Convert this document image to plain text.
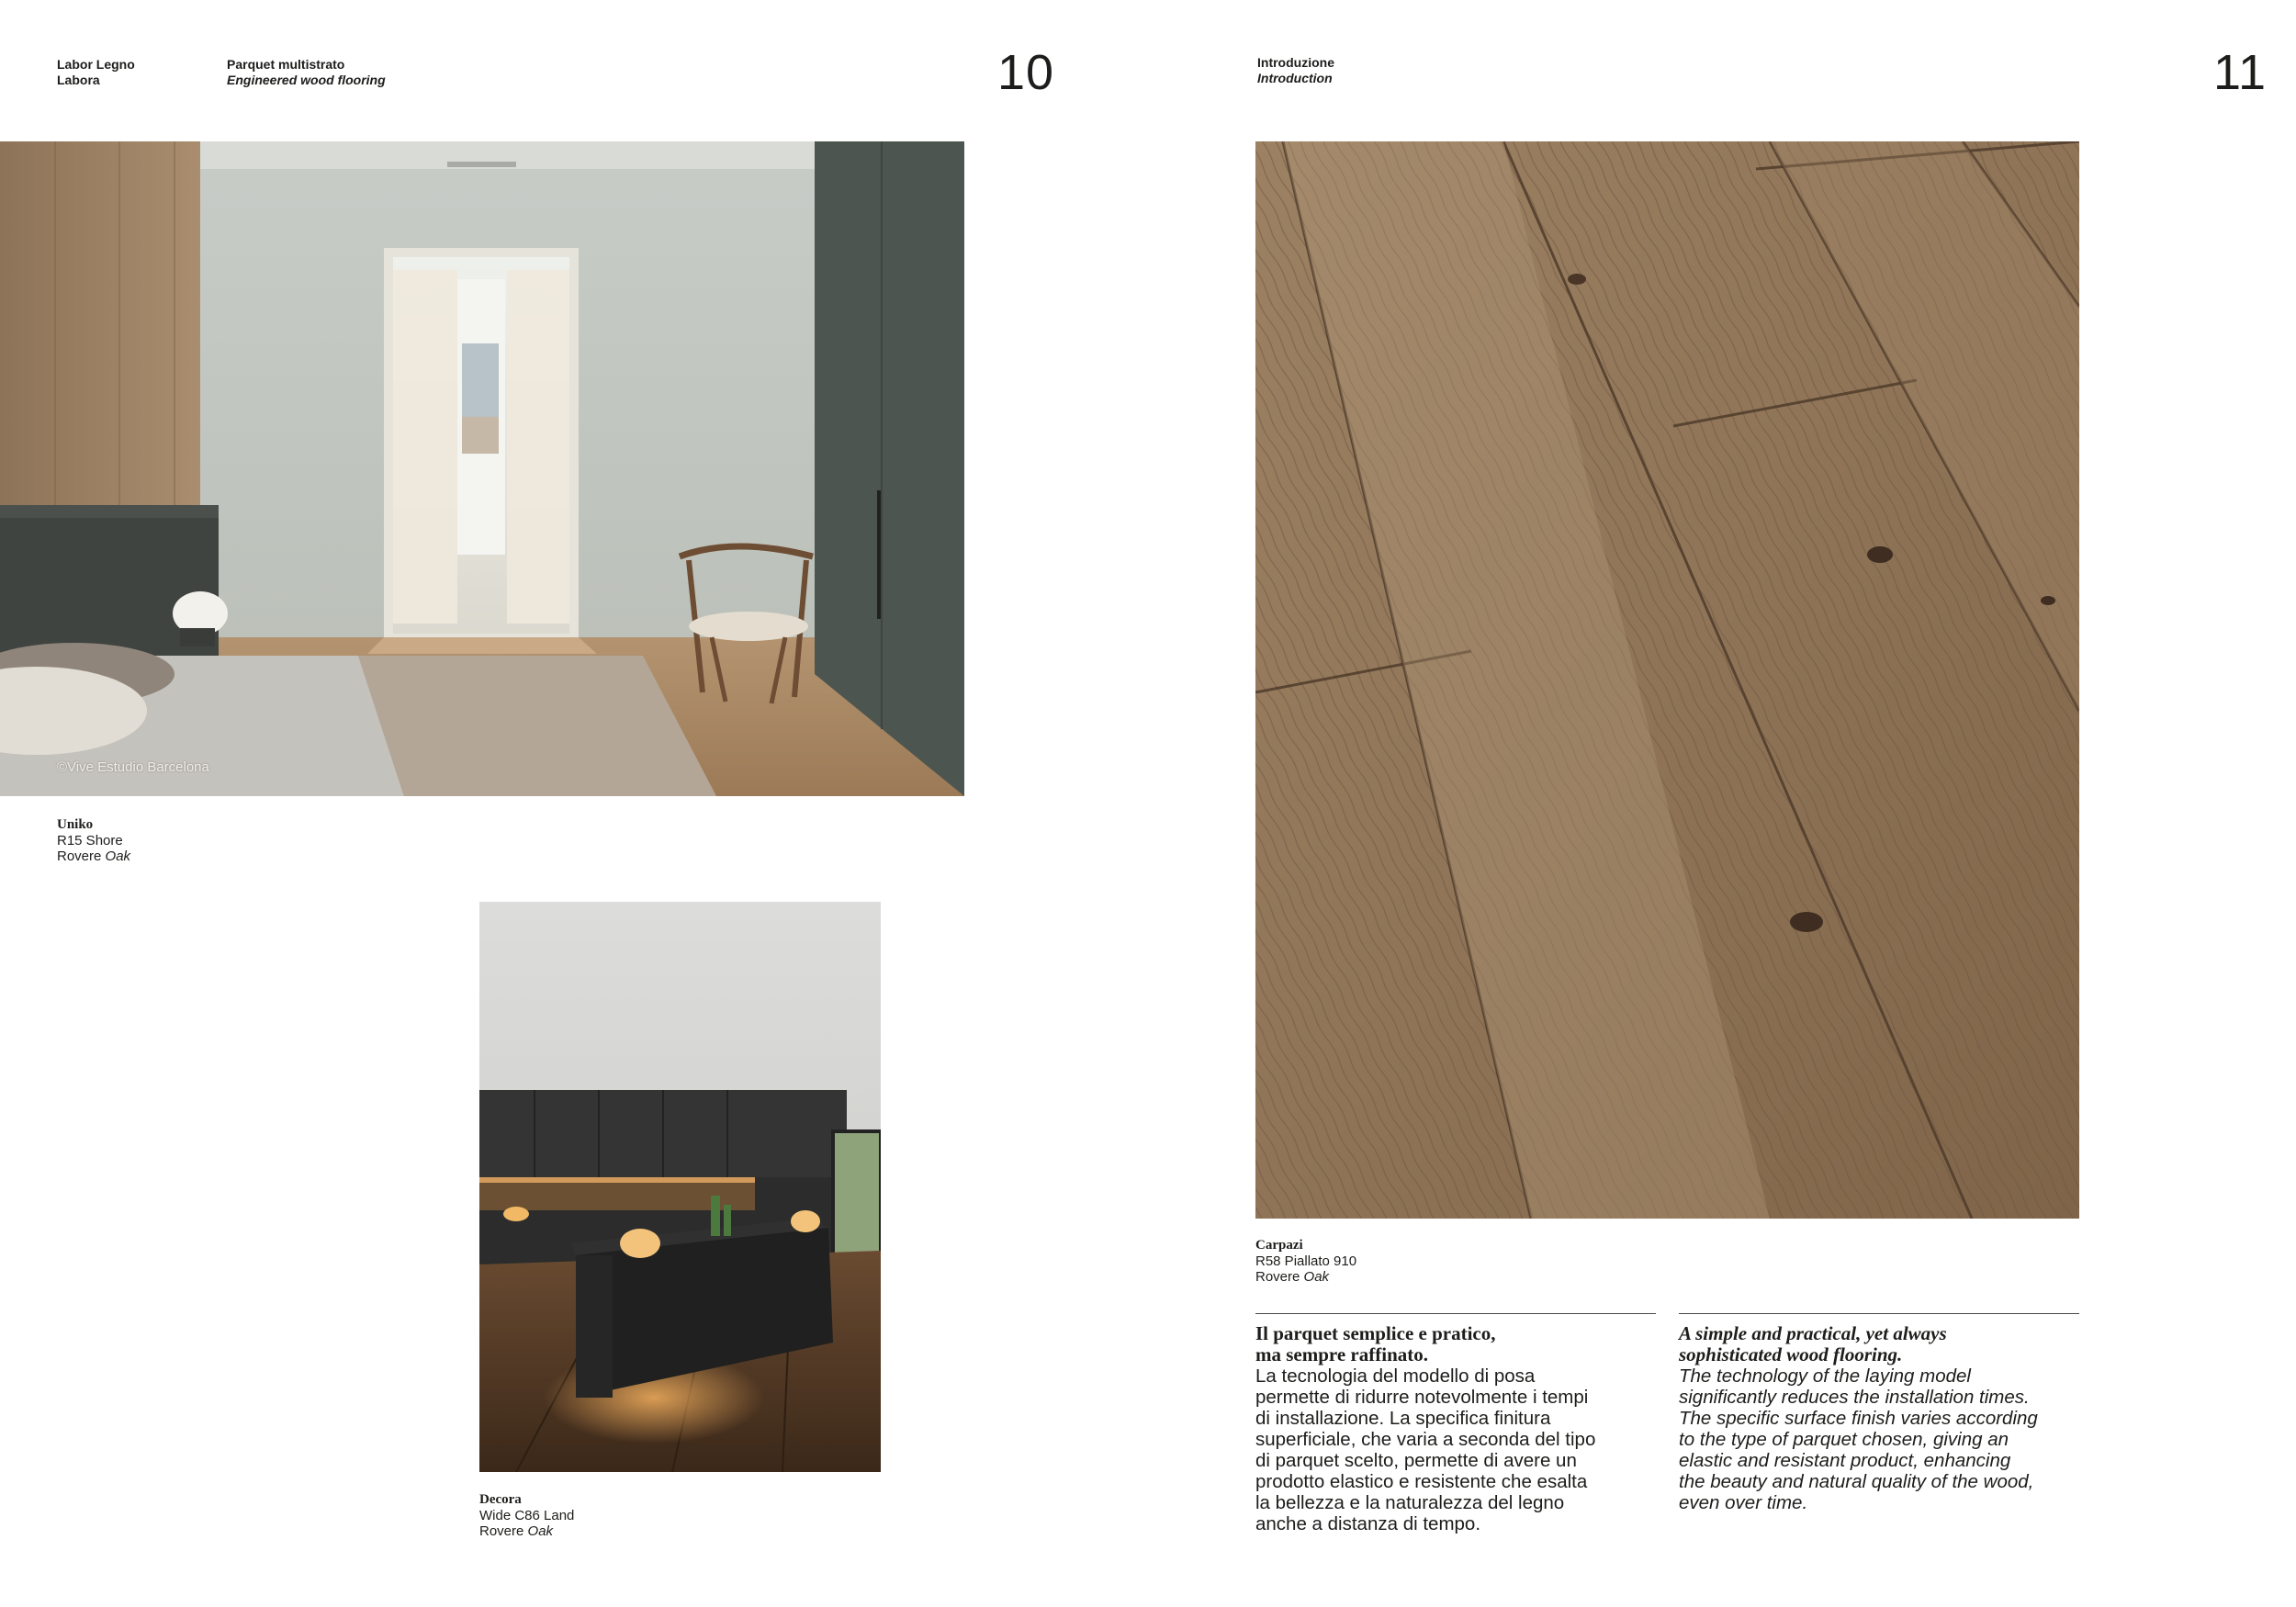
Labor Legno
Labora
Parquet multistrato
Engineered wood flooring	10	Introduzione
Introduction	11
©Vive Estudio Barcelona
Uniko
R15 Shore
Rovere Oak
Decora
Wide C86 Land
Rovere Oak
Carpazi
R58 Piallato 910
Rovere Oak

Il parquet semplice e pratico,
ma sempre raffinato.

La tecnologia del modello di posa
permette di ridurre notevolmente i tempi
di installazione. La specifica finitura
superficiale, che varia a seconda del tipo
di parquet scelto, permette di avere un
prodotto elastico e resistente che esalta
la bellezza e la naturalezza del legno
anche a distanza di tempo.

A simple and practical, yet always
sophisticated wood flooring.

The technology of the laying model
significantly reduces the installation times.
The specific surface finish varies according
to the type of parquet chosen, giving an
elastic and resistant product, enhancing
the beauty and natural quality of the wood,
even over time.
